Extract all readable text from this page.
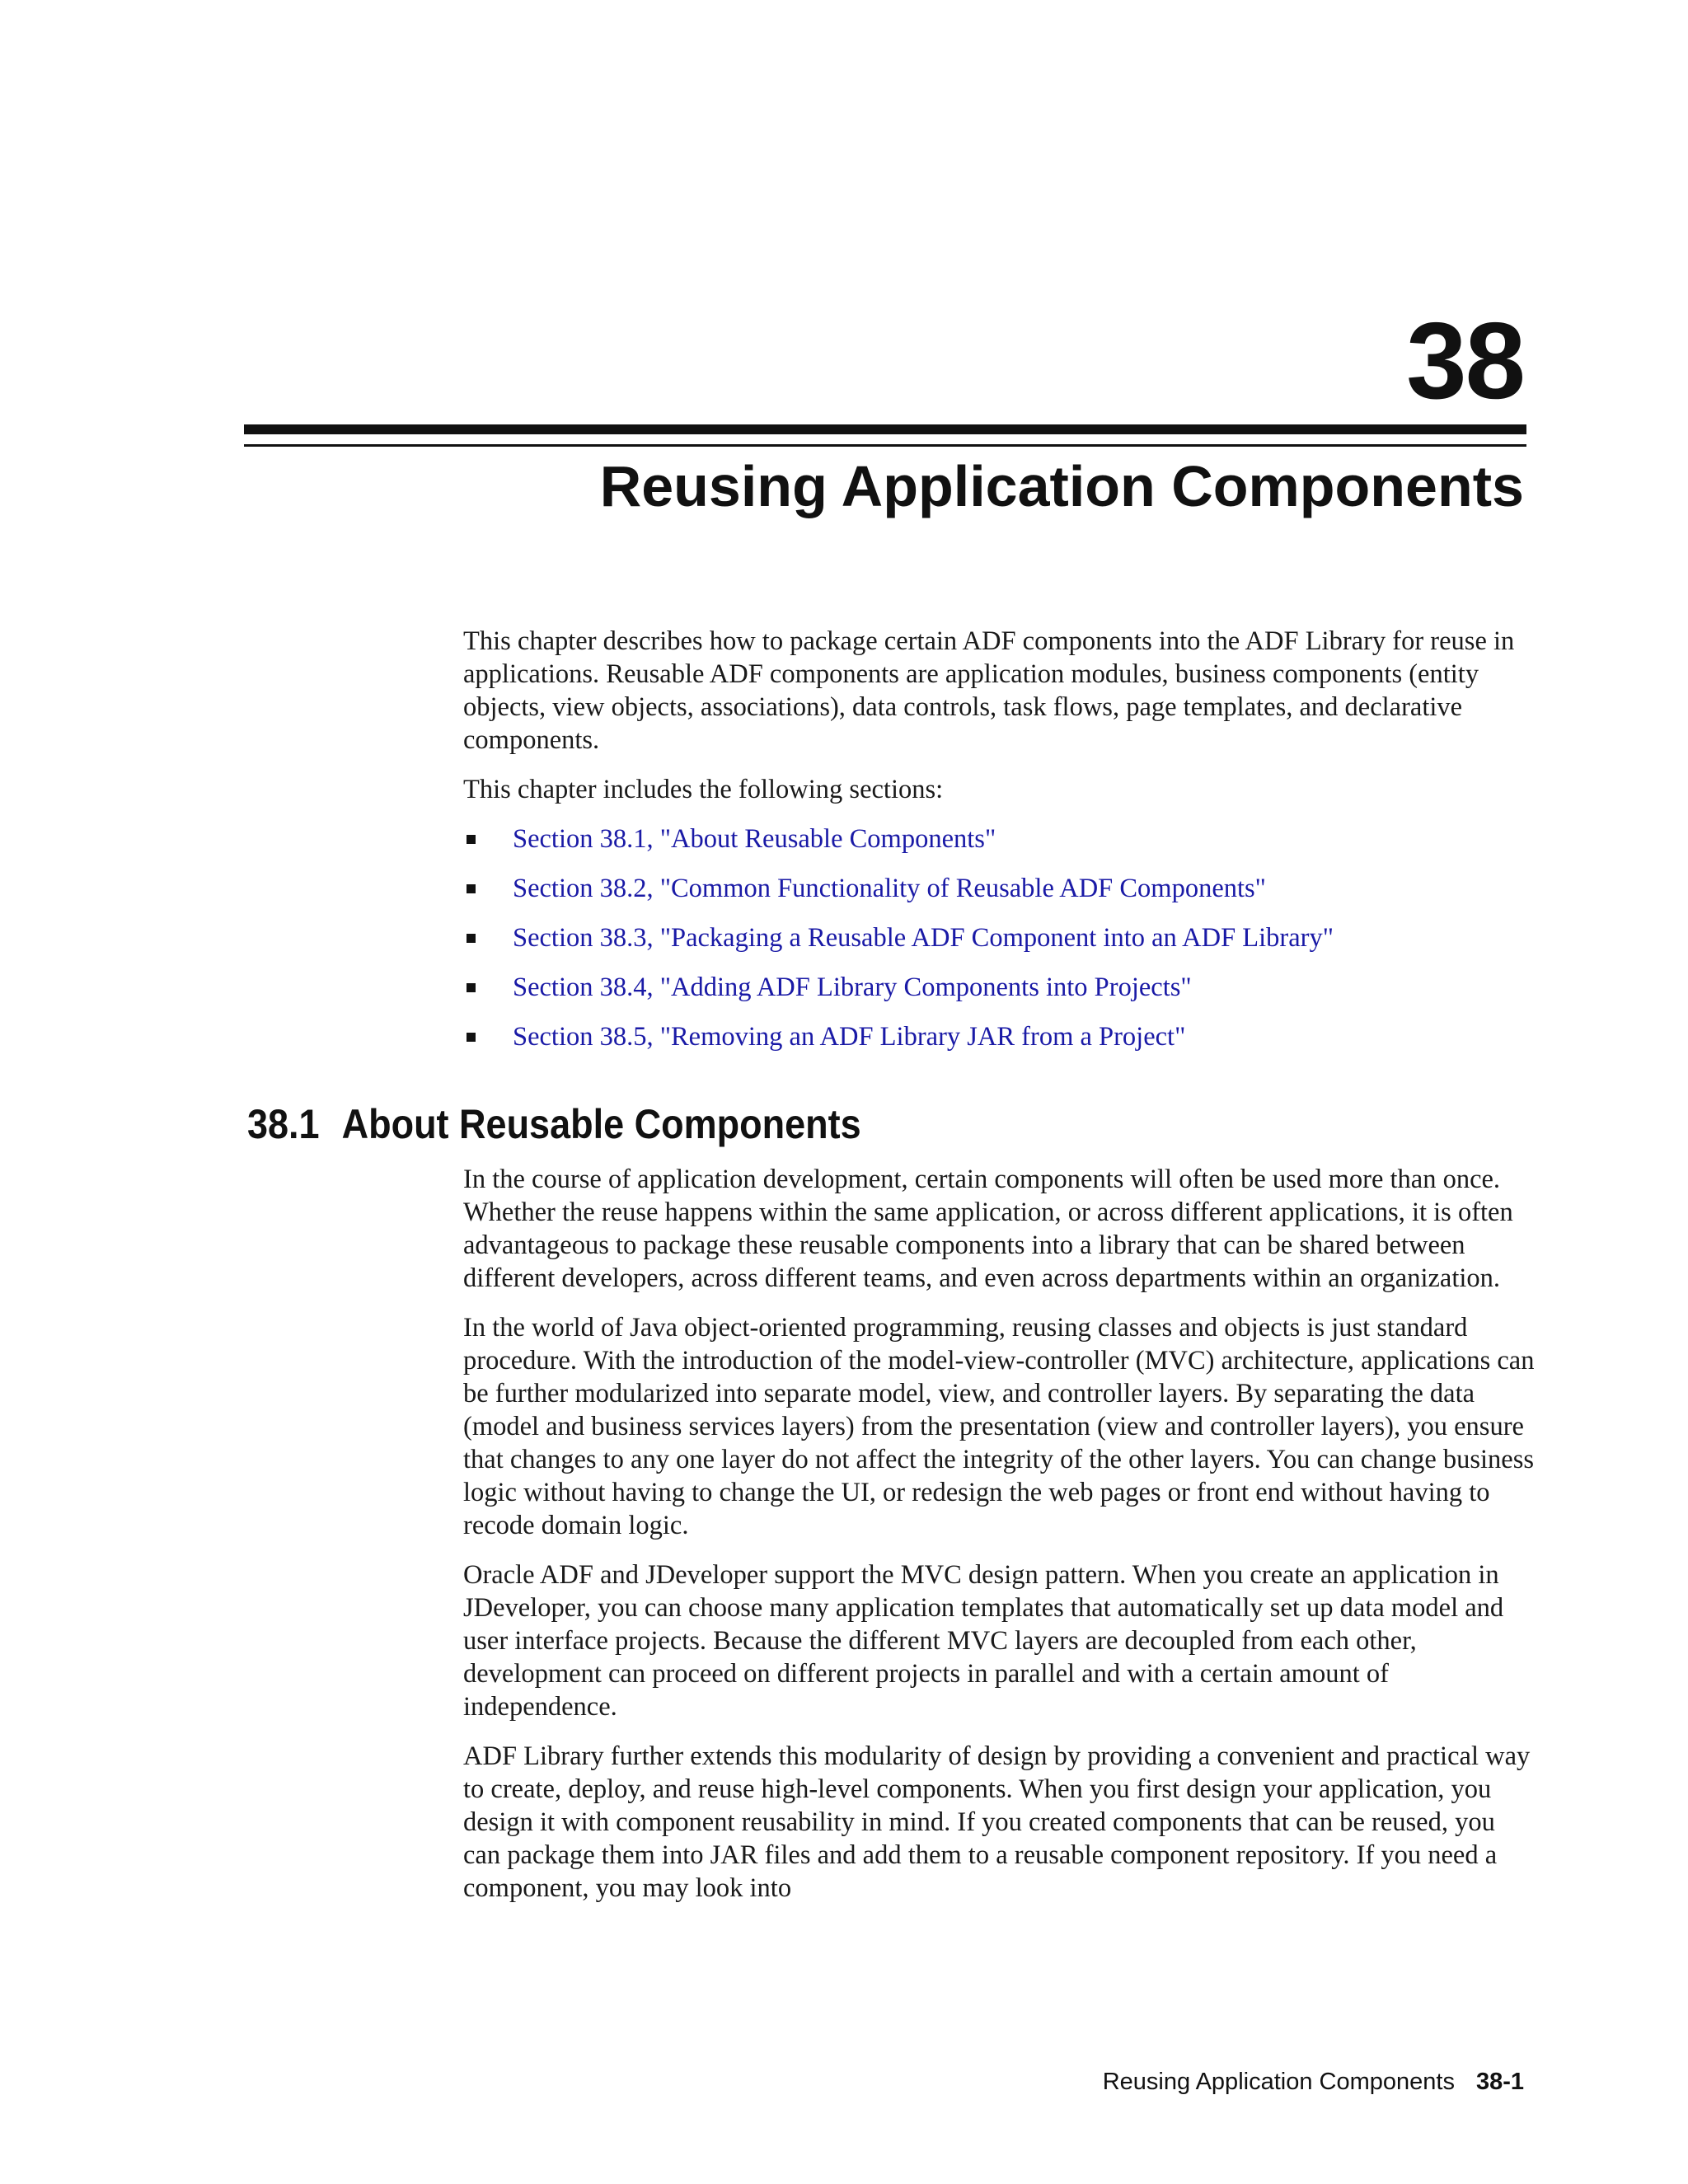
38
Reusing Application Components

This chapter describes how to package certain ADF components into the ADF Library for reuse in applications. Reusable ADF components are application modules, business components (entity objects, view objects, associations), data controls, task flows, page templates, and declarative components.

This chapter includes the following sections:

Section 38.1, "About Reusable Components"
Section 38.2, "Common Functionality of Reusable ADF Components"
Section 38.3, "Packaging a Reusable ADF Component into an ADF Library"
Section 38.4, "Adding ADF Library Components into Projects"
Section 38.5, "Removing an ADF Library JAR from a Project"
38.1 About Reusable Components

In the course of application development, certain components will often be used more than once. Whether the reuse happens within the same application, or across different applications, it is often advantageous to package these reusable components into a library that can be shared between different developers, across different teams, and even across departments within an organization.

In the world of Java object-oriented programming, reusing classes and objects is just standard procedure. With the introduction of the model-view-controller (MVC) architecture, applications can be further modularized into separate model, view, and controller layers. By separating the data (model and business services layers) from the presentation (view and controller layers), you ensure that changes to any one layer do not affect the integrity of the other layers. You can change business logic without having to change the UI, or redesign the web pages or front end without having to recode domain logic.

Oracle ADF and JDeveloper support the MVC design pattern. When you create an application in JDeveloper, you can choose many application templates that automatically set up data model and user interface projects. Because the different MVC layers are decoupled from each other, development can proceed on different projects in parallel and with a certain amount of independence.

ADF Library further extends this modularity of design by providing a convenient and practical way to create, deploy, and reuse high-level components. When you first design your application, you design it with component reusability in mind. If you created components that can be reused, you can package them into JAR files and add them to a reusable component repository. If you need a component, you may look into

Reusing Application Components 38-1
